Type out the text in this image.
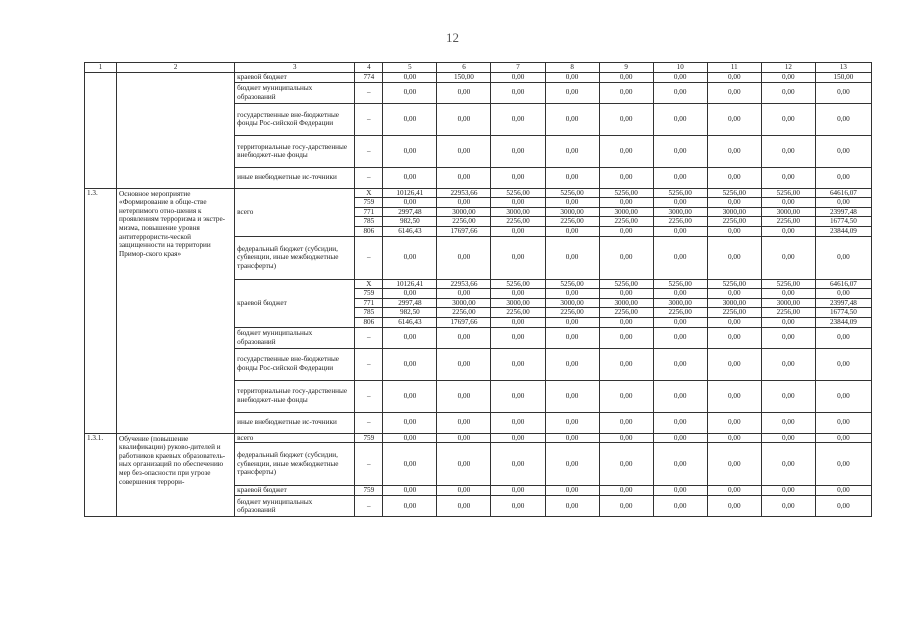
12
1	2	3	4	5	6	7	8	9	10	11	12	13
		краевой бюджет	774	0,00	150,00	0,00	0,00	0,00	0,00	0,00	0,00	150,00
		бюджет муниципальных образований	–	0,00	0,00	0,00	0,00	0,00	0,00	0,00	0,00	0,00
		государственные вне-бюджетные фонды Рос-сийской Федерации	–	0,00	0,00	0,00	0,00	0,00	0,00	0,00	0,00	0,00
		территориальные госу-дарственные внебюджет-ные фонды	–	0,00	0,00	0,00	0,00	0,00	0,00	0,00	0,00	0,00
		иные внебюджетные ис-точники	–	0,00	0,00	0,00	0,00	0,00	0,00	0,00	0,00	0,00
1.3.	Основное мероприятие «Формирование в обще-стве нетерпимого отно-шения к проявлениям терроризма и экстре-мизма, повышение уровня антитеррористи-ческой защищенности на территории Примор-ского края»	всего	X	10126,41	22953,66	5256,00	5256,00	5256,00	5256,00	5256,00	5256,00	64616,07
			759	0,00	0,00	0,00	0,00	0,00	0,00	0,00	0,00	0,00
			771	2997,48	3000,00	3000,00	3000,00	3000,00	3000,00	3000,00	3000,00	23997,48
			785	982,50	2256,00	2256,00	2256,00	2256,00	2256,00	2256,00	2256,00	16774,50
			806	6146,43	17697,66	0,00	0,00	0,00	0,00	0,00	0,00	23844,09
		федеральный бюджет (субсидии, субвенции, иные межбюджетные трансферты)	–	0,00	0,00	0,00	0,00	0,00	0,00	0,00	0,00	0,00
		краевой бюджет	X	10126,41	22953,66	5256,00	5256,00	5256,00	5256,00	5256,00	5256,00	64616,07
			759	0,00	0,00	0,00	0,00	0,00	0,00	0,00	0,00	0,00
			771	2997,48	3000,00	3000,00	3000,00	3000,00	3000,00	3000,00	3000,00	23997,48
			785	982,50	2256,00	2256,00	2256,00	2256,00	2256,00	2256,00	2256,00	16774,50
			806	6146,43	17697,66	0,00	0,00	0,00	0,00	0,00	0,00	23844,09
		бюджет муниципальных образований	–	0,00	0,00	0,00	0,00	0,00	0,00	0,00	0,00	0,00
		государственные вне-бюджетные фонды Рос-сийской Федерации	–	0,00	0,00	0,00	0,00	0,00	0,00	0,00	0,00	0,00
		территориальные госу-дарственные внебюджет-ные фонды	–	0,00	0,00	0,00	0,00	0,00	0,00	0,00	0,00	0,00
		иные внебюджетные ис-точники	–	0,00	0,00	0,00	0,00	0,00	0,00	0,00	0,00	0,00
1.3.1.	Обучение (повышение квалификации) руково-дителей и работников краевых образователь-ных организаций по обеспечению мер без-опасности при угрозе совершения террори-	всего	759	0,00	0,00	0,00	0,00	0,00	0,00	0,00	0,00	0,00
		федеральный бюджет (субсидии, субвенции, иные межбюджетные трансферты)	–	0,00	0,00	0,00	0,00	0,00	0,00	0,00	0,00	0,00
		краевой бюджет	759	0,00	0,00	0,00	0,00	0,00	0,00	0,00	0,00	0,00
		бюджет муниципальных образований	–	0,00	0,00	0,00	0,00	0,00	0,00	0,00	0,00	0,00
